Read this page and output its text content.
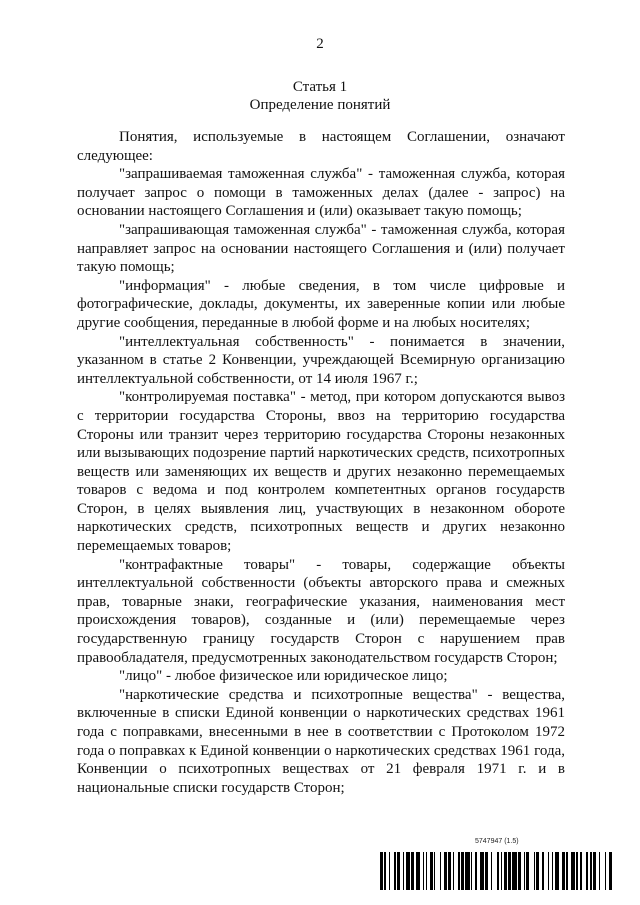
2
Статья 1
Определение понятий

Понятия, используемые в настоящем Соглашении, означают следующее:

"запрашиваемая таможенная служба" - таможенная служба, которая получает запрос о помощи в таможенных делах (далее - запрос) на основании настоящего Соглашения и (или) оказывает такую помощь;

"запрашивающая таможенная служба" - таможенная служба, которая направляет запрос на основании настоящего Соглашения и (или) получает такую помощь;

"информация" - любые сведения, в том числе цифровые и фотографические, доклады, документы, их заверенные копии или любые другие сообщения, переданные в любой форме и на любых носителях;

"интеллектуальная собственность" - понимается в значении, указанном в статье 2 Конвенции, учреждающей Всемирную организацию интеллектуальной собственности, от 14 июля 1967 г.;

"контролируемая поставка" - метод, при котором допускаются вывоз с территории государства Стороны, ввоз на территорию государства Стороны или транзит через территорию государства Стороны незаконных или вызывающих подозрение партий наркотических средств, психотропных веществ или заменяющих их веществ и других незаконно перемещаемых товаров с ведома и под контролем компетентных органов государств Сторон, в целях выявления лиц, участвующих в незаконном обороте наркотических средств, психотропных веществ и других незаконно перемещаемых товаров;

"контрафактные товары" - товары, содержащие объекты интеллектуальной собственности (объекты авторского права и смежных прав, товарные знаки, географические указания, наименования мест происхождения товаров), созданные и (или) перемещаемые через государственную границу государств Сторон с нарушением прав правообладателя, предусмотренных законодательством государств Сторон;

"лицо" - любое физическое или юридическое лицо;

"наркотические средства и психотропные вещества" - вещества, включенные в списки Единой конвенции о наркотических средствах 1961 года с поправками, внесенными в нее в соответствии с Протоколом 1972 года о поправках к Единой конвенции о наркотических средствах 1961 года, Конвенции о психотропных веществах от 21 февраля 1971 г. и в национальные списки государств Сторон;

5747947 (1.5)
